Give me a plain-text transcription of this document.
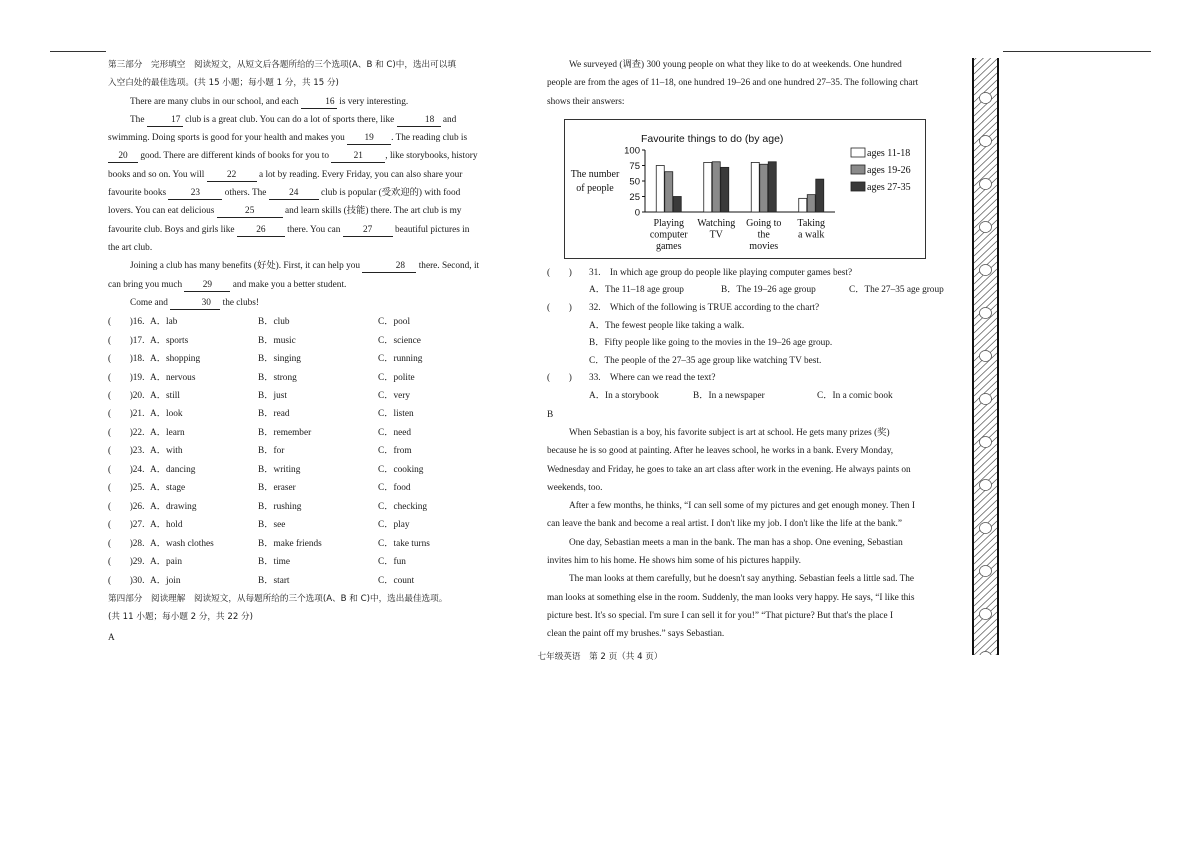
第三部分　完形填空　阅读短文，从短文后各题所给的三个选项(A、B 和 C)中，选出可以填

入空白处的最佳选项。(共 15 小题；每小题 1 分，共 15 分)

There are many clubs in our school, and each	16 is very interesting.

The	17 club is a great club. You can do a lot of sports there, like	18 and

swimming. Doing sports is good for your health and makes you 19 . The reading club is

20 good. There are different kinds of books for you to 21 , like storybooks, history

books and so on. You will 22 a lot by reading. Every Friday, you can also share your

favourite books 23 others. The 24 club is popular (受欢迎的) with food

lovers. You can eat delicious	25	and learn skills (技能) there. The art club is my

favourite club. Boys and girls like 26 there. You can 27 beautiful pictures in

the art club.

Joining a club has many benefits (好处). First, it can help you	28 there. Second, it

can bring you much 29 and make you a better student.

Come and	30 the clubs!

(　　)16. A．lab	B．club	C．pool
(　　)17. A．sports	B．music	C．science
(　　)18. A．shopping	B．singing	C．running
(　　)19. A．nervous	B．strong	C．polite
(　　)20. A．still	B．just	C．very
(　　)21. A．look	B．read	C．listen
(　　)22. A．learn	B．remember	C．need
(　　)23. A．with	B．for	C．from
(　　)24. A．dancing	B．writing	C．cooking
(　　)25. A．stage	B．eraser	C．food
(　　)26. A．drawing	B．rushing	C．checking
(　　)27. A．hold	B．see	C．play
(　　)28. A．wash clothes	B．make friends	C．take turns
(　　)29. A．pain	B．time	C．fun
(　　)30. A．join	B．start	C．count

第四部分　阅读理解　阅读短文，从每题所给的三个选项(A、B 和 C)中，选出最佳选项。

(共 11 小题；每小题 2 分，共 22 分)

A

We surveyed (调查) 300 young people on what they like to do at weekends. One hundred

people are from the ages of 11–18, one hundred 19–26 and one hundred 27–35. The following chart

shows their answers:

Favourite things to do (by age)
The number
of people
100
75
50
25
0
Playing
computer
games
Watching
TV
Going to
the
movies
Taking
a walk
ages 11-18
ages 19-26
ages 27-35
(　　)	31.　In which age group do people like playing computer games best?
A．The 11–18 age group	B．The 19–26 age group	C．The 27–35 age group
(　　)	32.　Which of the following is TRUE according to the chart?
A．The fewest people like taking a walk.
B．Fifty people like going to the movies in the 19–26 age group.
C．The people of the 27–35 age group like watching TV best.
(　　)	33.　Where can we read the text?
A．In a storybook	B．In a newspaper	C．In a comic book

B

When Sebastian is a boy, his favorite subject is art at school. He gets many prizes (奖)

because he is so good at painting. After he leaves school, he works in a bank. Every Monday,

Wednesday and Friday, he goes to take an art class after work in the evening. He always paints on

weekends, too.

After a few months, he thinks, “I can sell some of my pictures and get enough money. Then I

can leave the bank and become a real artist. I don't like my job. I don't like the life at the bank.”

One day, Sebastian meets a man in the bank. The man has a shop. One evening, Sebastian

invites him to his home. He shows him some of his pictures happily.

The man looks at them carefully, but he doesn't say anything. Sebastian feels a little sad. The

man looks at something else in the room. Suddenly, the man looks very happy. He says, “I like this

picture best. It's so special. I'm sure I can sell it for you!” “That picture? But that's the place I

clean the paint off my brushes.” says Sebastian.

七年级英语　第 2 页（共 4 页）
